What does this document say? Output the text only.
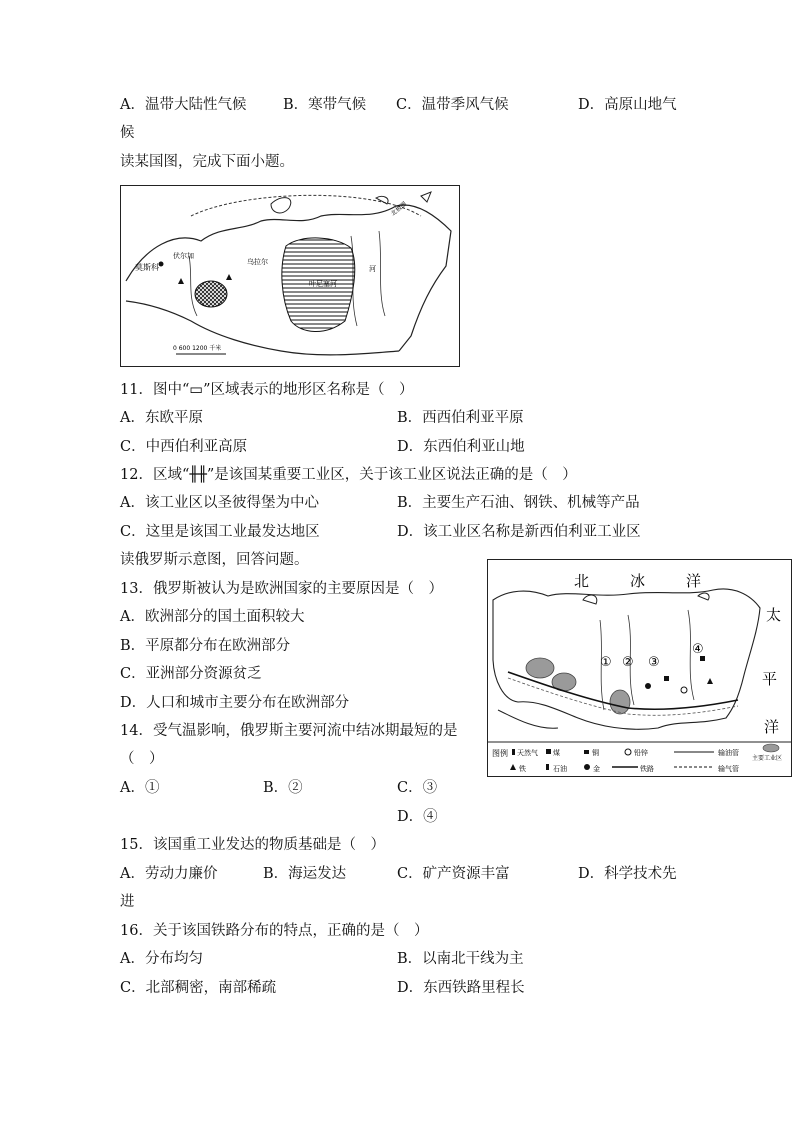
A．温带大陆性气候	B．寒带气候 C．温带季风气候	D．高原山地气
候
读某国图，完成下面小题。
莫斯科
伏尔加
乌拉尔
叶尼塞河
河
北极圈
0 600 1200 千米
11．图中“▭”区域表示的地形区名称是（　）
A．东欧平原	B．西西伯利亚平原
C．中西伯利亚高原	D．东西伯利亚山地
12．区域“╫╫”是该国某重要工业区，关于该工业区说法正确的是（　）
A．该工业区以圣彼得堡为中心	B．主要生产石油、钢铁、机械等产品
C．这里是该国工业最发达地区	D．该工业区名称是新西伯利亚工业区
读俄罗斯示意图，回答问题。
北	冰	洋
太
平
洋
① ② ③
④
图例 天然气 煤	铜	铅锌	输油管
主要工业区
铁	石油	金	铁路	输气管
13．俄罗斯被认为是欧洲国家的主要原因是（　）
A．欧洲部分的国土面积较大
B．平原都分布在欧洲部分
C．亚洲部分资源贫乏
D．人口和城市主要分布在欧洲部分
14．受气温影响，俄罗斯主要河流中结冰期最短的是
（　）
A．①	B．②	C．③
D．④
15．该国重工业发达的物质基础是（　）
A．劳动力廉价	B．海运发达	C．矿产资源丰富	D．科学技术先
进
16．关于该国铁路分布的特点，正确的是（　）
A．分布均匀	B．以南北干线为主
C．北部稠密，南部稀疏	D．东西铁路里程长
